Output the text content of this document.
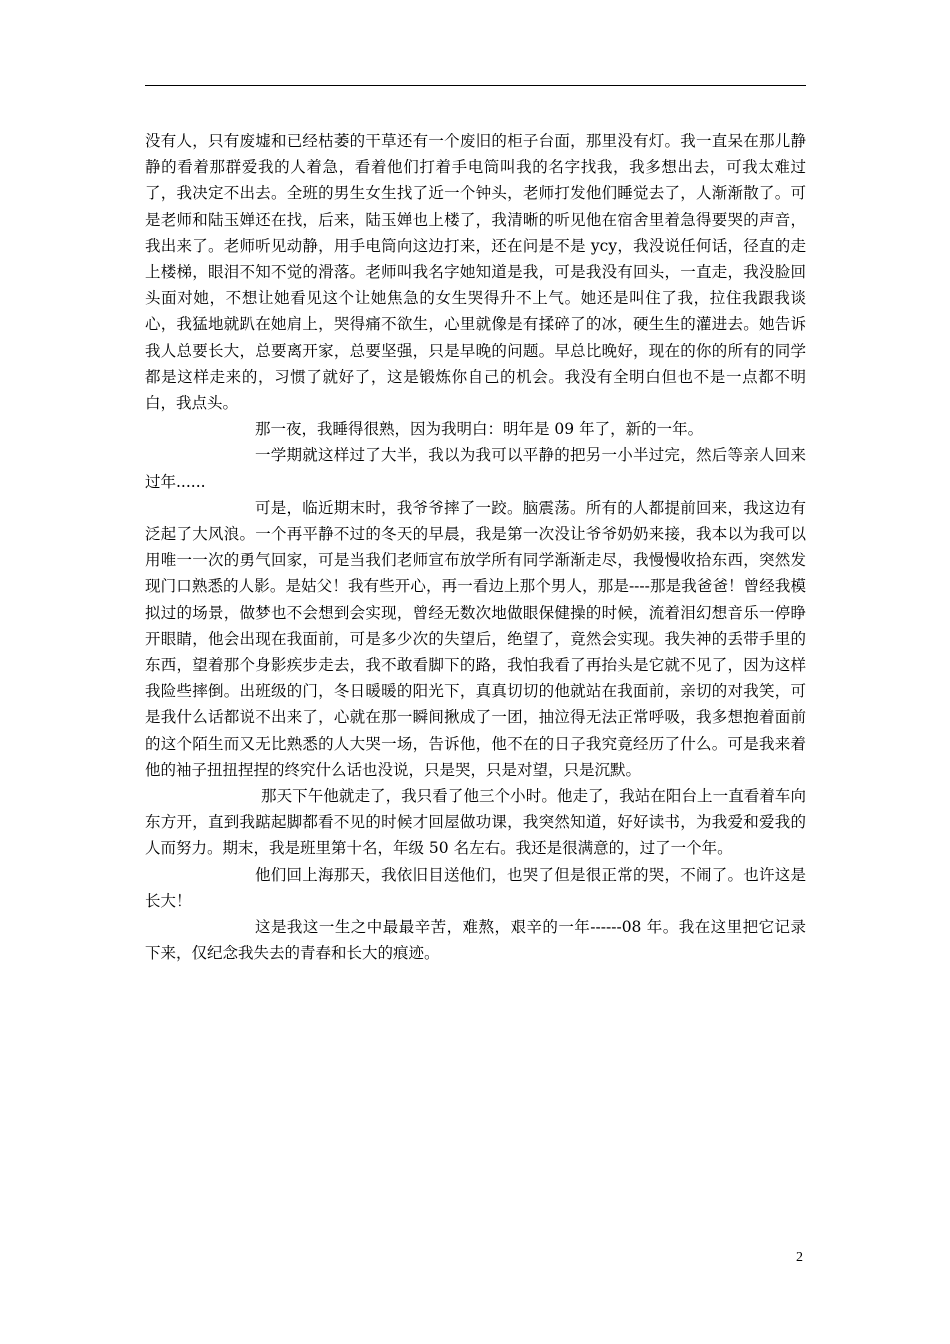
没有人，只有废墟和已经枯萎的干草还有一个废旧的柜子台面，那里没有灯。我一直呆在那儿静静的看着那群爱我的人着急，看着他们打着手电筒叫我的名字找我，我多想出去，可我太难过了，我决定不出去。全班的男生女生找了近一个钟头，老师打发他们睡觉去了，人渐渐散了。可是老师和陆玉婵还在找，后来，陆玉婵也上楼了，我清晰的听见他在宿舍里着急得要哭的声音，我出来了。老师听见动静，用手电筒向这边打来，还在问是不是 ycy，我没说任何话，径直的走上楼梯，眼泪不知不觉的滑落。老师叫我名字她知道是我，可是我没有回头，一直走，我没脸回头面对她，不想让她看见这个让她焦急的女生哭得升不上气。她还是叫住了我，拉住我跟我谈心，我猛地就趴在她肩上，哭得痛不欲生，心里就像是有揉碎了的冰，硬生生的灌进去。她告诉我人总要长大，总要离开家，总要坚强，只是早晚的问题。早总比晚好，现在的你的所有的同学都是这样走来的，习惯了就好了，这是锻炼你自己的机会。我没有全明白但也不是一点都不明白，我点头。

那一夜，我睡得很熟，因为我明白：明年是 09 年了，新的一年。

一学期就这样过了大半，我以为我可以平静的把另一小半过完，然后等亲人回来过年......

可是，临近期末时，我爷爷摔了一跤。脑震荡。所有的人都提前回来，我这边有泛起了大风浪。一个再平静不过的冬天的早晨，我是第一次没让爷爷奶奶来接，我本以为我可以用唯一一次的勇气回家，可是当我们老师宣布放学所有同学渐渐走尽，我慢慢收拾东西，突然发现门口熟悉的人影。是姑父！我有些开心，再一看边上那个男人，那是----那是我爸爸！曾经我模拟过的场景，做梦也不会想到会实现，曾经无数次地做眼保健操的时候，流着泪幻想音乐一停睁开眼睛，他会出现在我面前，可是多少次的失望后，绝望了，竟然会实现。我失神的丢带手里的东西，望着那个身影疾步走去，我不敢看脚下的路，我怕我看了再抬头是它就不见了，因为这样我险些摔倒。出班级的门，冬日暖暖的阳光下，真真切切的他就站在我面前，亲切的对我笑，可是我什么话都说不出来了，心就在那一瞬间揪成了一团，抽泣得无法正常呼吸，我多想抱着面前的这个陌生而又无比熟悉的人大哭一场，告诉他，他不在的日子我究竟经历了什么。可是我来着他的袖子扭扭捏捏的终究什么话也没说，只是哭，只是对望，只是沉默。

那天下午他就走了，我只看了他三个小时。他走了，我站在阳台上一直看着车向东方开，直到我踮起脚都看不见的时候才回屋做功课，我突然知道，好好读书，为我爱和爱我的人而努力。期末，我是班里第十名，年级 50 名左右。我还是很满意的，过了一个年。

他们回上海那天，我依旧目送他们，也哭了但是很正常的哭，不闹了。也许这是长大！

这是我这一生之中最最辛苦，难熬，艰辛的一年------08 年。我在这里把它记录下来，仅纪念我失去的青春和长大的痕迹。

2
